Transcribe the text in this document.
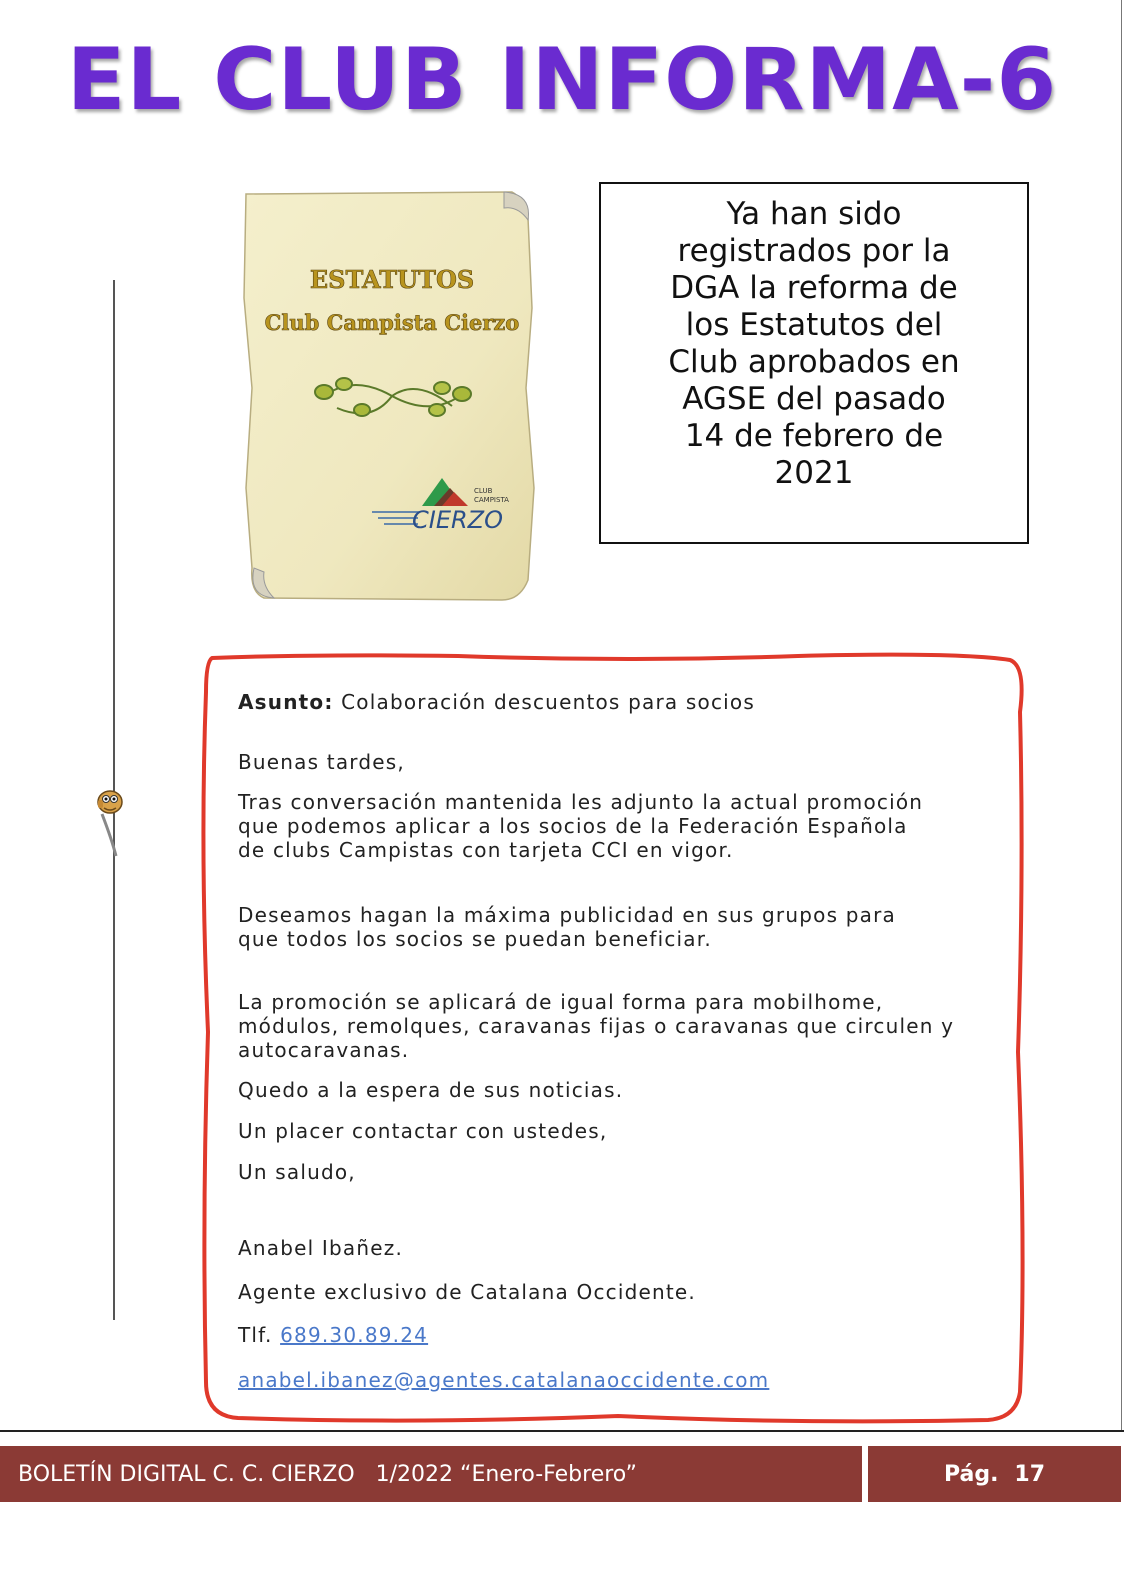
EL CLUB INFORMA-6
ESTATUTOS
Club Campista Cierzo
CLUB
CAMPISTA
CIERZO
Ya han sido registrados por la DGA la reforma de los Estatutos del Club aprobados en AGSE del pasado 14 de febrero de 2021

Asunto: Colaboración descuentos para socios

Buenas tardes,

Tras conversación mantenida les adjunto la actual promoción que podemos aplicar a los socios de la Federación Española de clubs Campistas con tarjeta CCI en vigor.

Deseamos hagan la máxima publicidad en sus grupos para que todos los socios se puedan beneficiar.

La promoción se aplicará de igual forma para mobilhome, módulos, remolques, caravanas fijas o caravanas que circulen y autocaravanas.

Quedo a la espera de sus noticias.

Un placer contactar con ustedes,

Un saludo,

Anabel Ibañez.

Agente exclusivo de Catalana Occidente.

Tlf. 689.30.89.24

anabel.ibanez@agentes.catalanaoccidente.com

BOLETÍN DIGITAL C. C. CIERZO   1/2022 “Enero-Febrero”	Pág. 17
